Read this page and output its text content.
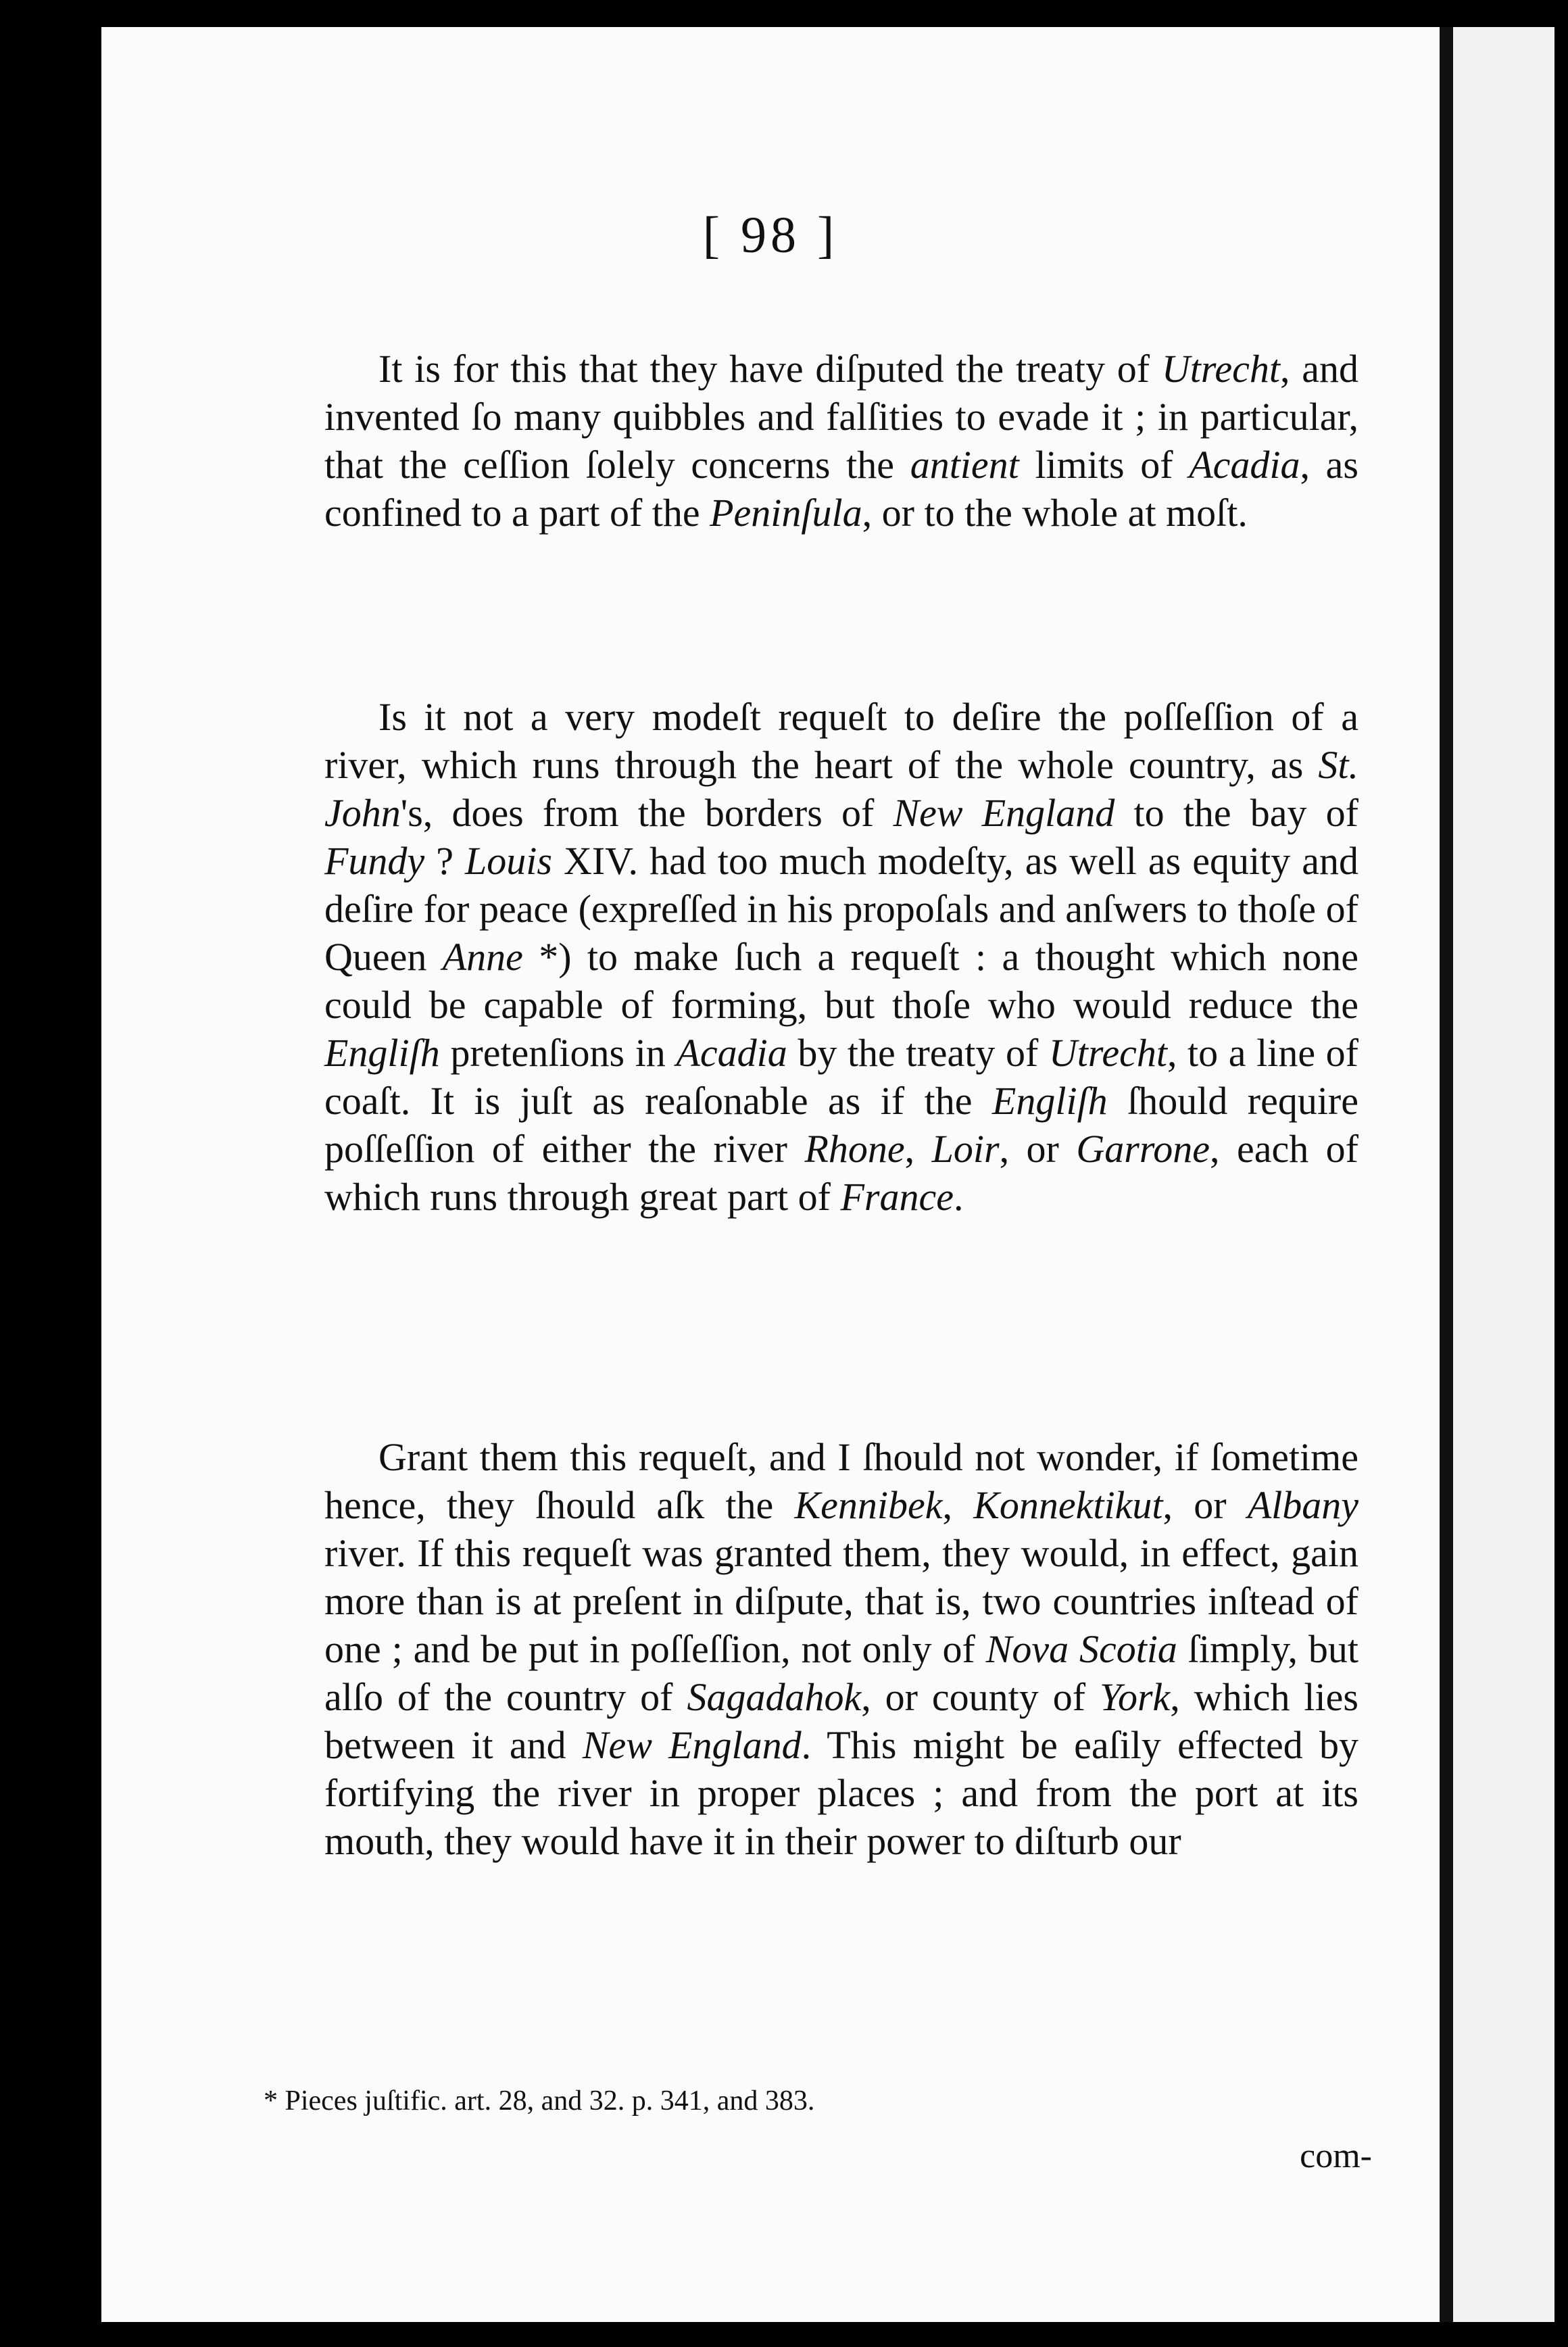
[ 98 ]

It is for this that they have diſputed the treaty of Utrecht, and invented ſo many quibbles and falſities to evade it ; in particular, that the ceſſion ſolely concerns the antient limits of Acadia, as confined to a part of the Peninſula, or to the whole at moſt.

Is it not a very modeſt requeſt to deſire the poſſeſſion of a river, which runs through the heart of the whole country, as St. John's, does from the borders of New England to the bay of Fundy ? Louis XIV. had too much modeſty, as well as equity and deſire for peace (expreſſed in his propoſals and anſwers to thoſe of Queen Anne *) to make ſuch a requeſt : a thought which none could be capable of forming, but thoſe who would reduce the Engliſh pretenſions in Acadia by the treaty of Utrecht, to a line of coaſt. It is juſt as reaſonable as if the Engliſh ſhould require poſſeſſion of either the river Rhone, Loir, or Garrone, each of which runs through great part of France.

Grant them this requeſt, and I ſhould not wonder, if ſometime hence, they ſhould aſk the Kennibek, Konnektikut, or Albany river. If this requeſt was granted them, they would, in effect, gain more than is at preſent in diſpute, that is, two countries inſtead of one ; and be put in poſſeſſion, not only of Nova Scotia ſimply, but alſo of the country of Sagadahok, or county of York, which lies between it and New England. This might be eaſily effected by fortifying the river in proper places ; and from the port at its mouth, they would have it in their power to diſturb our

* Pieces juſtific. art. 28, and 32. p. 341, and 383.
com-
